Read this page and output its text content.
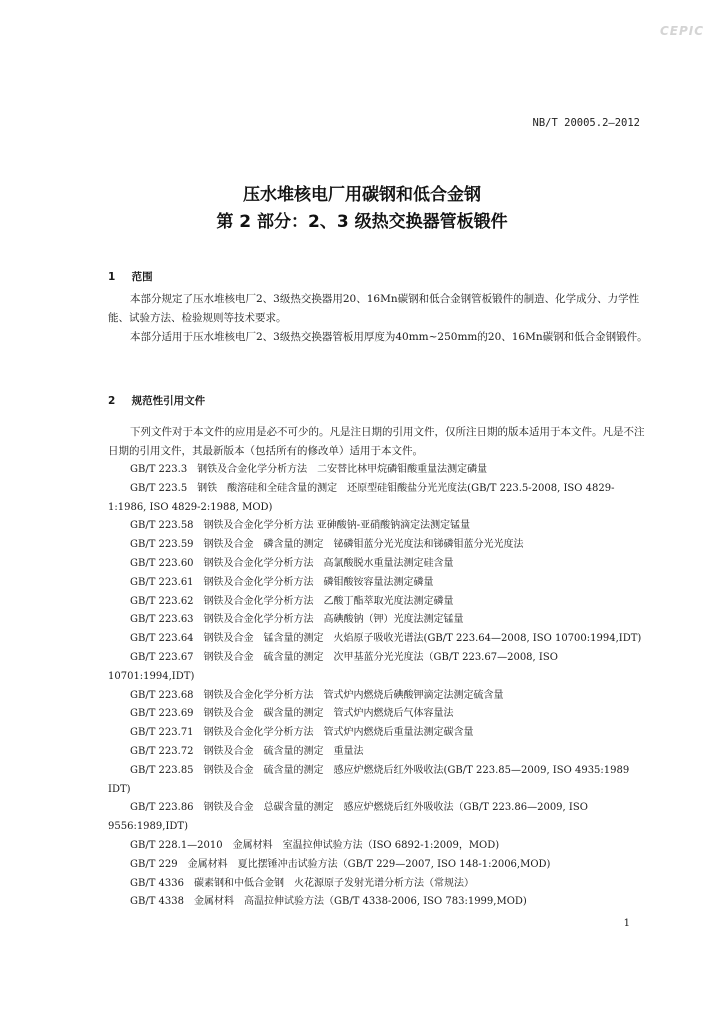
CEPIC
NB/T 20005.2—2012
压水堆核电厂用碳钢和低合金钢
第 2 部分：2、3 级热交换器管板锻件
1 范围

本部分规定了压水堆核电厂2、3级热交换器用20、16Mn碳钢和低合金钢管板锻件的制造、化学成分、力学性能、试验方法、检验规则等技术要求。

本部分适用于压水堆核电厂2、3级热交换器管板用厚度为40mm~250mm的20、16Mn碳钢和低合金钢锻件。

2 规范性引用文件

下列文件对于本文件的应用是必不可少的。凡是注日期的引用文件，仅所注日期的版本适用于本文件。凡是不注日期的引用文件，其最新版本（包括所有的修改单）适用于本文件。

GB/T 223.3　钢铁及合金化学分析方法　二安替比林甲烷磷钼酸重量法测定磷量
GB/T 223.5　钢铁　酸溶硅和全硅含量的测定　还原型硅钼酸盐分光光度法(GB/T 223.5-2008, ISO 4829-1:1986, ISO 4829-2:1988, MOD)
GB/T 223.58　钢铁及合金化学分析方法 亚砷酸钠-亚硝酸钠滴定法测定锰量
GB/T 223.59　钢铁及合金　磷含量的测定　铋磷钼蓝分光光度法和锑磷钼蓝分光光度法
GB/T 223.60　钢铁及合金化学分析方法　高氯酸脱水重量法测定硅含量
GB/T 223.61　钢铁及合金化学分析方法　磷钼酸铵容量法测定磷量
GB/T 223.62　钢铁及合金化学分析方法　乙酸丁酯萃取光度法测定磷量
GB/T 223.63　钢铁及合金化学分析方法　高碘酸钠（钾）光度法测定锰量
GB/T 223.64　钢铁及合金　锰含量的测定　火焰原子吸收光谱法(GB/T 223.64—2008, ISO 10700:1994,IDT)
GB/T 223.67　钢铁及合金　硫含量的测定　次甲基蓝分光光度法（GB/T 223.67—2008, ISO 10701:1994,IDT)
GB/T 223.68　钢铁及合金化学分析方法　管式炉内燃烧后碘酸钾滴定法测定硫含量
GB/T 223.69　钢铁及合金　碳含量的测定　管式炉内燃烧后气体容量法
GB/T 223.71　钢铁及合金化学分析方法　管式炉内燃烧后重量法测定碳含量
GB/T 223.72　钢铁及合金　硫含量的测定　重量法
GB/T 223.85　钢铁及合金　硫含量的测定　感应炉燃烧后红外吸收法(GB/T 223.85—2009, ISO 4935:1989 IDT)
GB/T 223.86　钢铁及合金　总碳含量的测定　感应炉燃烧后红外吸收法（GB/T 223.86—2009, ISO 9556:1989,IDT)
GB/T 228.1—2010　金属材料　室温拉伸试验方法（ISO 6892-1:2009，MOD)
GB/T 229　金属材料　夏比摆锤冲击试验方法（GB/T 229—2007, ISO 148-1:2006,MOD)
GB/T 4336　碳素钢和中低合金钢　火花源原子发射光谱分析方法（常规法）
GB/T 4338　金属材料　高温拉伸试验方法（GB/T 4338-2006, ISO 783:1999,MOD)
1
